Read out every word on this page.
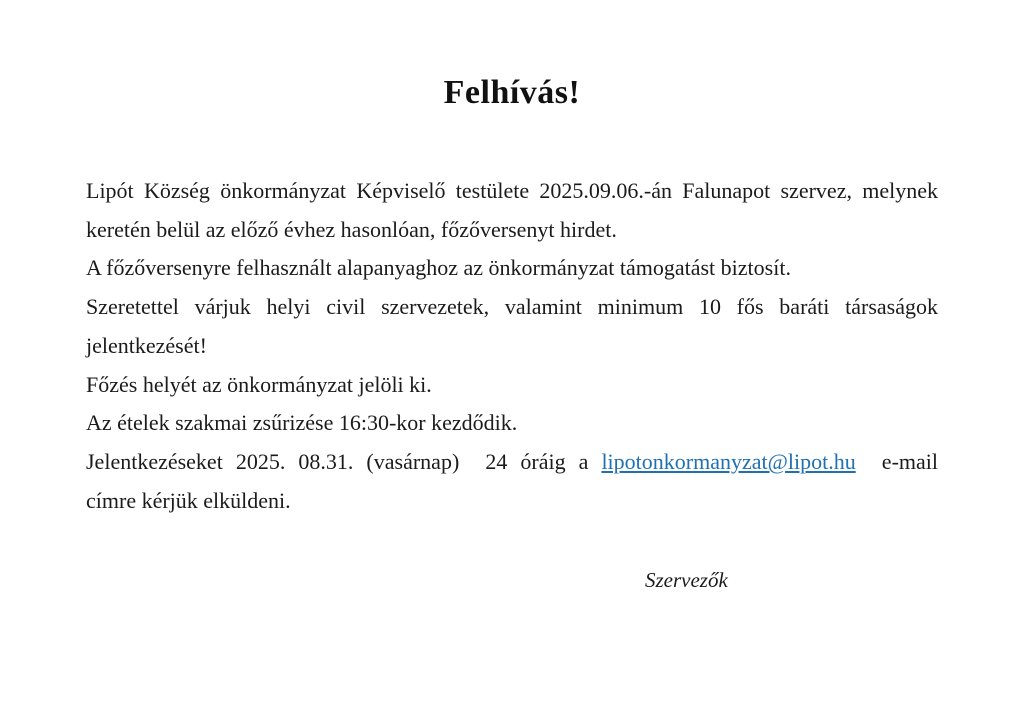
Felhívás!
Lipót Község önkormányzat Képviselő testülete 2025.09.06.-án Falunapot szervez, melynek
keretén belül az előző évhez hasonlóan, főzőversenyt hirdet.
A főzőversenyre felhasznált alapanyaghoz az önkormányzat támogatást biztosít.
Szeretettel várjuk helyi civil szervezetek, valamint minimum 10 fős baráti társaságok
jelentkezését!
Főzés helyét az önkormányzat jelöli ki.
Az ételek szakmai zsűrizése 16:30-kor kezdődik.
Jelentkezéseket 2025. 08.31. (vasárnap)  24 óráig a lipotonkormanyzat@lipot.hu  e-mail
címre kérjük elküldeni.
Szervezők
